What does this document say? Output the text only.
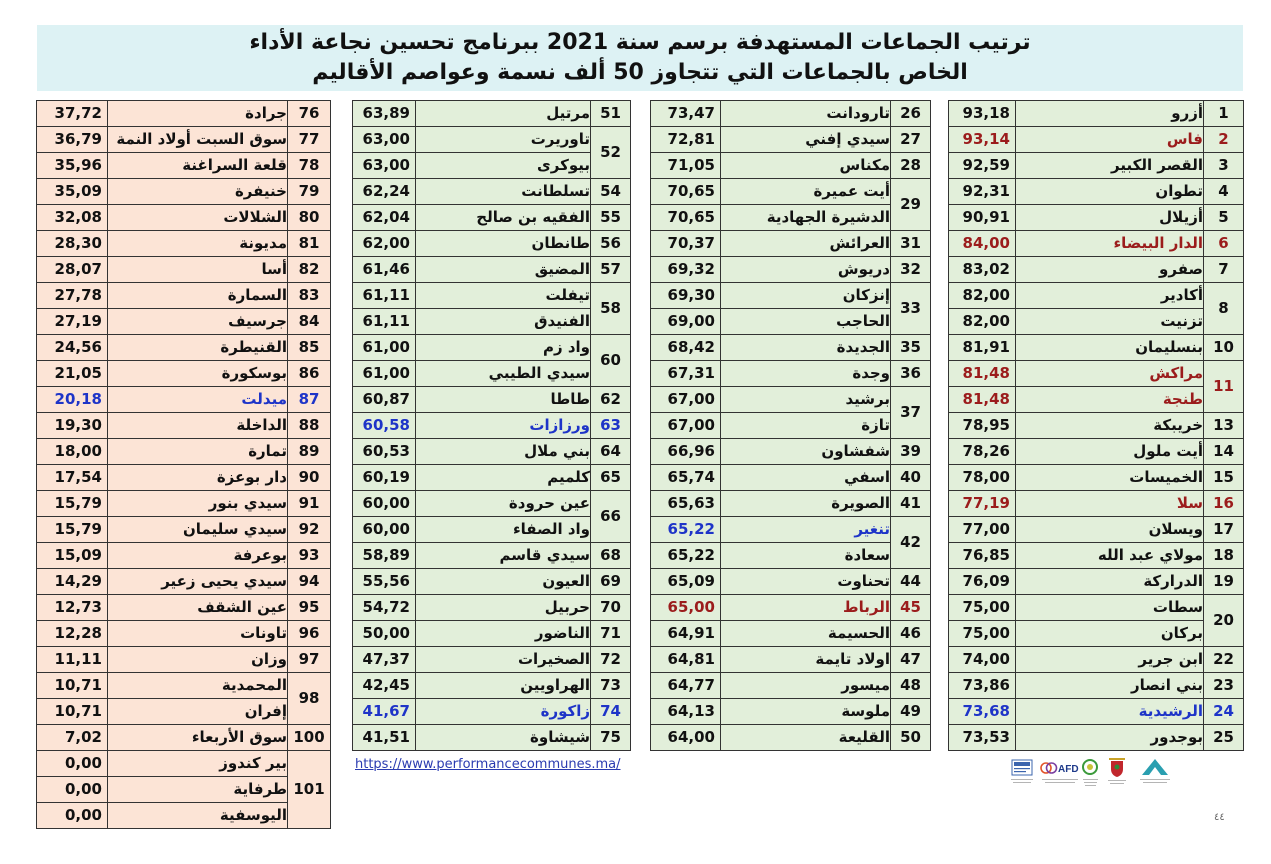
ترتيب الجماعات المستهدفة برسم سنة 2021 ببرنامج تحسين نجاعة الأداء
الخاص بالجماعات التي تتجاوز 50 ألف نسمة وعواصم الأقاليم
1	أزرو	93,18
2	فاس	93,14
3	القصر الكبير	92,59
4	تطوان	92,31
5	أزيلال	90,91
6	الدار البيضاء	84,00
7	صفرو	83,02
8	أكادير	82,00
	تزنيت	82,00
10	بنسليمان	81,91
11	مراكش	81,48
	طنجة	81,48
13	خريبكة	78,95
14	أيت ملول	78,26
15	الخميسات	78,00
16	سلا	77,19
17	ويسلان	77,00
18	مولاي عبد الله	76,85
19	الدراركة	76,09
20	سطات	75,00
	بركان	75,00
22	ابن جرير	74,00
23	بني انصار	73,86
24	الرشيدية	73,68
25	بوجدور	73,53
AFD
٤٤
26	تارودانت	73,47
27	سيدي إفني	72,81
28	مكناس	71,05
29	أيت عميرة	70,65
	الدشيرة الجهادية	70,65
31	العرائش	70,37
32	دريوش	69,32
33	إنزكان	69,30
	الحاجب	69,00
35	الجديدة	68,42
36	وجدة	67,31
37	برشيد	67,00
	تازة	67,00
39	شفشاون	66,96
40	اسفي	65,74
41	الصويرة	65,63
42	تنغير	65,22
	سعادة	65,22
44	تحناوت	65,09
45	الرباط	65,00
46	الحسيمة	64,91
47	اولاد تايمة	64,81
48	ميسور	64,77
49	ملوسة	64,13
50	القليعة	64,00
51	مرتيل	63,89
52	تاوريرت	63,00
	بيوكرى	63,00
54	تسلطانت	62,24
55	الفقيه بن صالح	62,04
56	طانطان	62,00
57	المضيق	61,46
58	تيفلت	61,11
	الفنيدق	61,11
60	واد زم	61,00
	سيدي الطيبي	61,00
62	طاطا	60,87
63	ورزازات	60,58
64	بني ملال	60,53
65	كلميم	60,19
66	عين حرودة	60,00
	واد الصفاء	60,00
68	سيدي قاسم	58,89
69	العيون	55,56
70	حربيل	54,72
71	الناضور	50,00
72	الصخيرات	47,37
73	الهراويين	42,45
74	زاكورة	41,67
75	شيشاوة	41,51
https://www.performancecommunes.ma/
76	جرادة	37,72
77	سوق السبت أولاد النمة	36,79
78	قلعة السراغنة	35,96
79	خنيفرة	35,09
80	الشلالات	32,08
81	مديونة	28,30
82	أسا	28,07
83	السمارة	27,78
84	جرسيف	27,19
85	القنيطرة	24,56
86	بوسكورة	21,05
87	ميدلت	20,18
88	الداخلة	19,30
89	تمارة	18,00
90	دار بوعزة	17,54
91	سيدي بنور	15,79
92	سيدي سليمان	15,79
93	بوعرفة	15,09
94	سيدي يحيى زعير	14,29
95	عين الشقف	12,73
96	تاونات	12,28
97	وزان	11,11
98	المحمدية	10,71
	إفران	10,71
100	سوق الأربعاء	7,02
101	بير كندوز	0,00
	طرفاية	0,00
	اليوسفية	0,00
